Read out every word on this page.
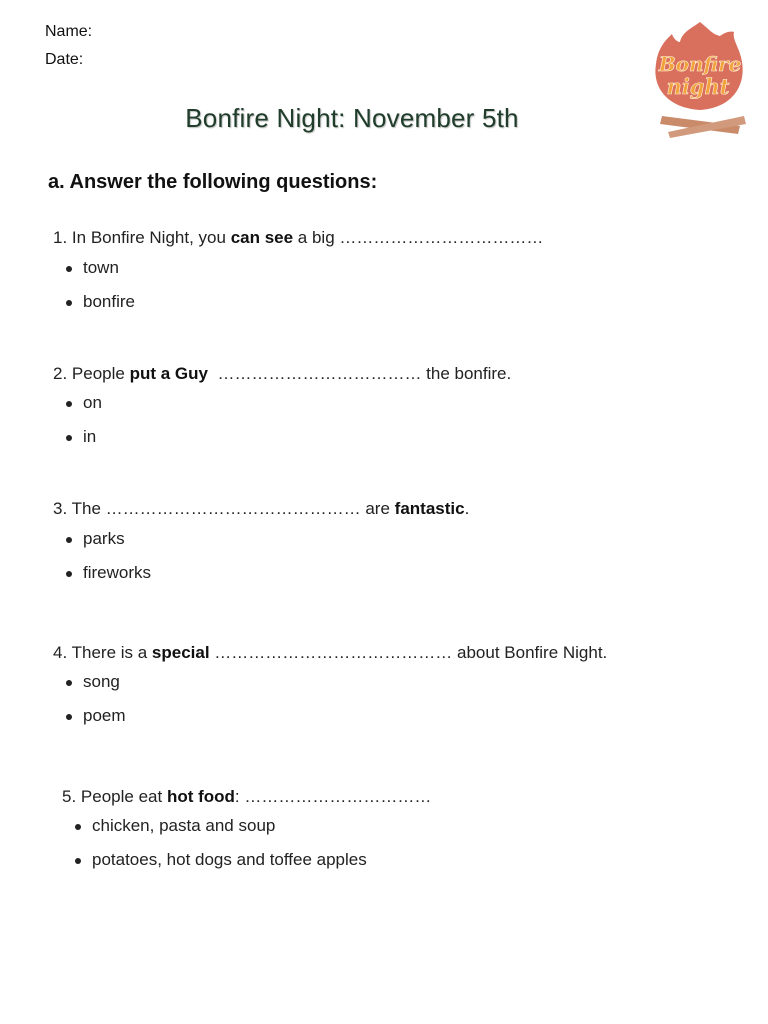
Name:
Date:	Bonfire
night
Bonfire Night: November 5th
a. Answer the following questions:
1. In Bonfire Night, you can see a big ………………………………
town
bonfire
2. People put a Guy  ……………………………… the bonfire.
on
in
3. The ……………………………………… are fantastic.
parks
fireworks
4. There is a special …………………………………… about Bonfire Night.
song
poem
5. People eat hot food: ……………………………
chicken, pasta and soup
potatoes, hot dogs and toffee apples
